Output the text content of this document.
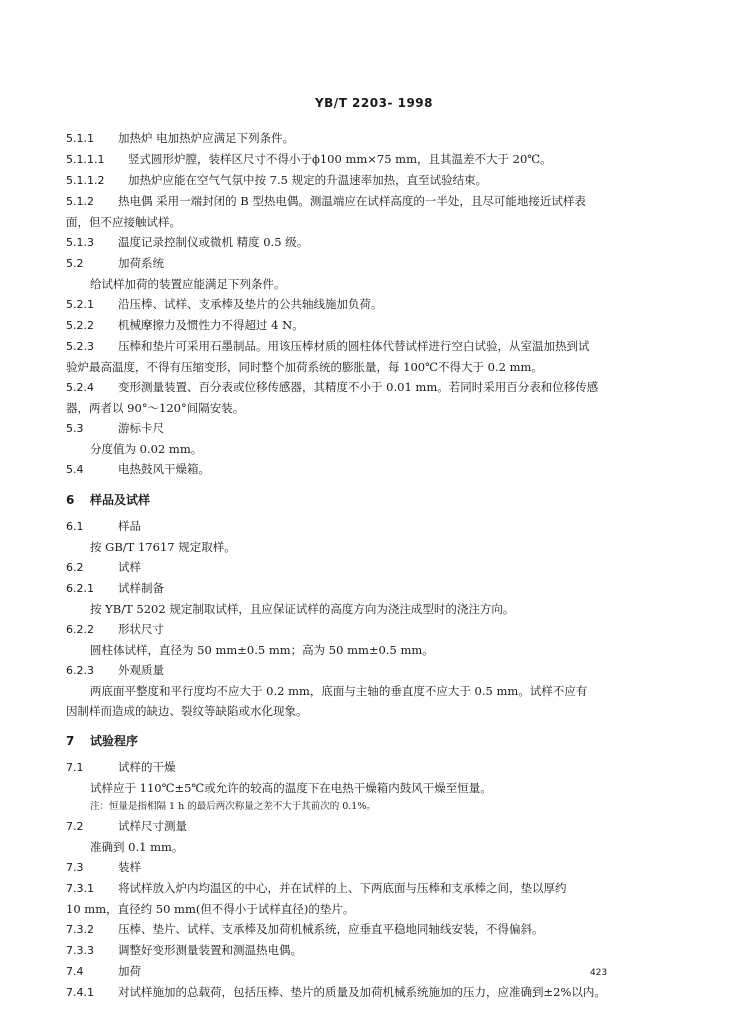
YB/T 2203- 1998
5.1.1 加热炉 电加热炉应满足下列条件。
5.1.1.1 竖式圆形炉膛，装样区尺寸不得小于ϕ100 mm×75 mm，且其温差不大于 20℃。
5.1.1.2 加热炉应能在空气气氛中按 7.5 规定的升温速率加热，直至试验结束。
5.1.2 热电偶 采用一端封闭的 B 型热电偶。测温端应在试样高度的一半处，且尽可能地接近试样表
面，但不应接触试样。
5.1.3 温度记录控制仪或微机 精度 0.5 级。
5.2	加荷系统
给试样加荷的装置应能满足下列条件。
5.2.1 沿压棒、试样、支承棒及垫片的公共轴线施加负荷。
5.2.2 机械摩擦力及惯性力不得超过 4 N。
5.2.3 压棒和垫片可采用石墨制品。用该压棒材质的圆柱体代替试样进行空白试验，从室温加热到试
验炉最高温度，不得有压缩变形，同时整个加荷系统的膨胀量，每 100℃不得大于 0.2 mm。
5.2.4 变形测量装置、百分表或位移传感器，其精度不小于 0.01 mm。若同时采用百分表和位移传感
器，两者以 90°～120°间隔安装。
5.3	游标卡尺
分度值为 0.02 mm。
5.4	电热鼓风干燥箱。
6 样品及试样
6.1	样品
按 GB/T 17617 规定取样。
6.2	试样
6.2.1 试样制备
按 YB/T 5202 规定制取试样，且应保证试样的高度方向为浇注成型时的浇注方向。
6.2.2 形状尺寸
圆柱体试样，直径为 50 mm±0.5 mm；高为 50 mm±0.5 mm。
6.2.3 外观质量
两底面平整度和平行度均不应大于 0.2 mm，底面与主轴的垂直度不应大于 0.5 mm。试样不应有
因制样而造成的缺边、裂纹等缺陷或水化现象。
7 试验程序
7.1	试样的干燥
试样应于 110℃±5℃或允许的较高的温度下在电热干燥箱内鼓风干燥至恒量。
注：恒量是指相隔 1 h 的最后两次称量之差不大于其前次的 0.1%。
7.2	试样尺寸测量
准确到 0.1 mm。
7.3	装样
7.3.1 将试样放入炉内均温区的中心，并在试样的上、下两底面与压棒和支承棒之间，垫以厚约
10 mm，直径约 50 mm(但不得小于试样直径)的垫片。
7.3.2 压棒、垫片、试样、支承棒及加荷机械系统，应垂直平稳地同轴线安装，不得偏斜。
7.3.3 调整好变形测量装置和测温热电偶。
7.4	加荷
7.4.1 对试样施加的总载荷，包括压棒、垫片的质量及加荷机械系统施加的压力，应准确到±2%以内。
423
